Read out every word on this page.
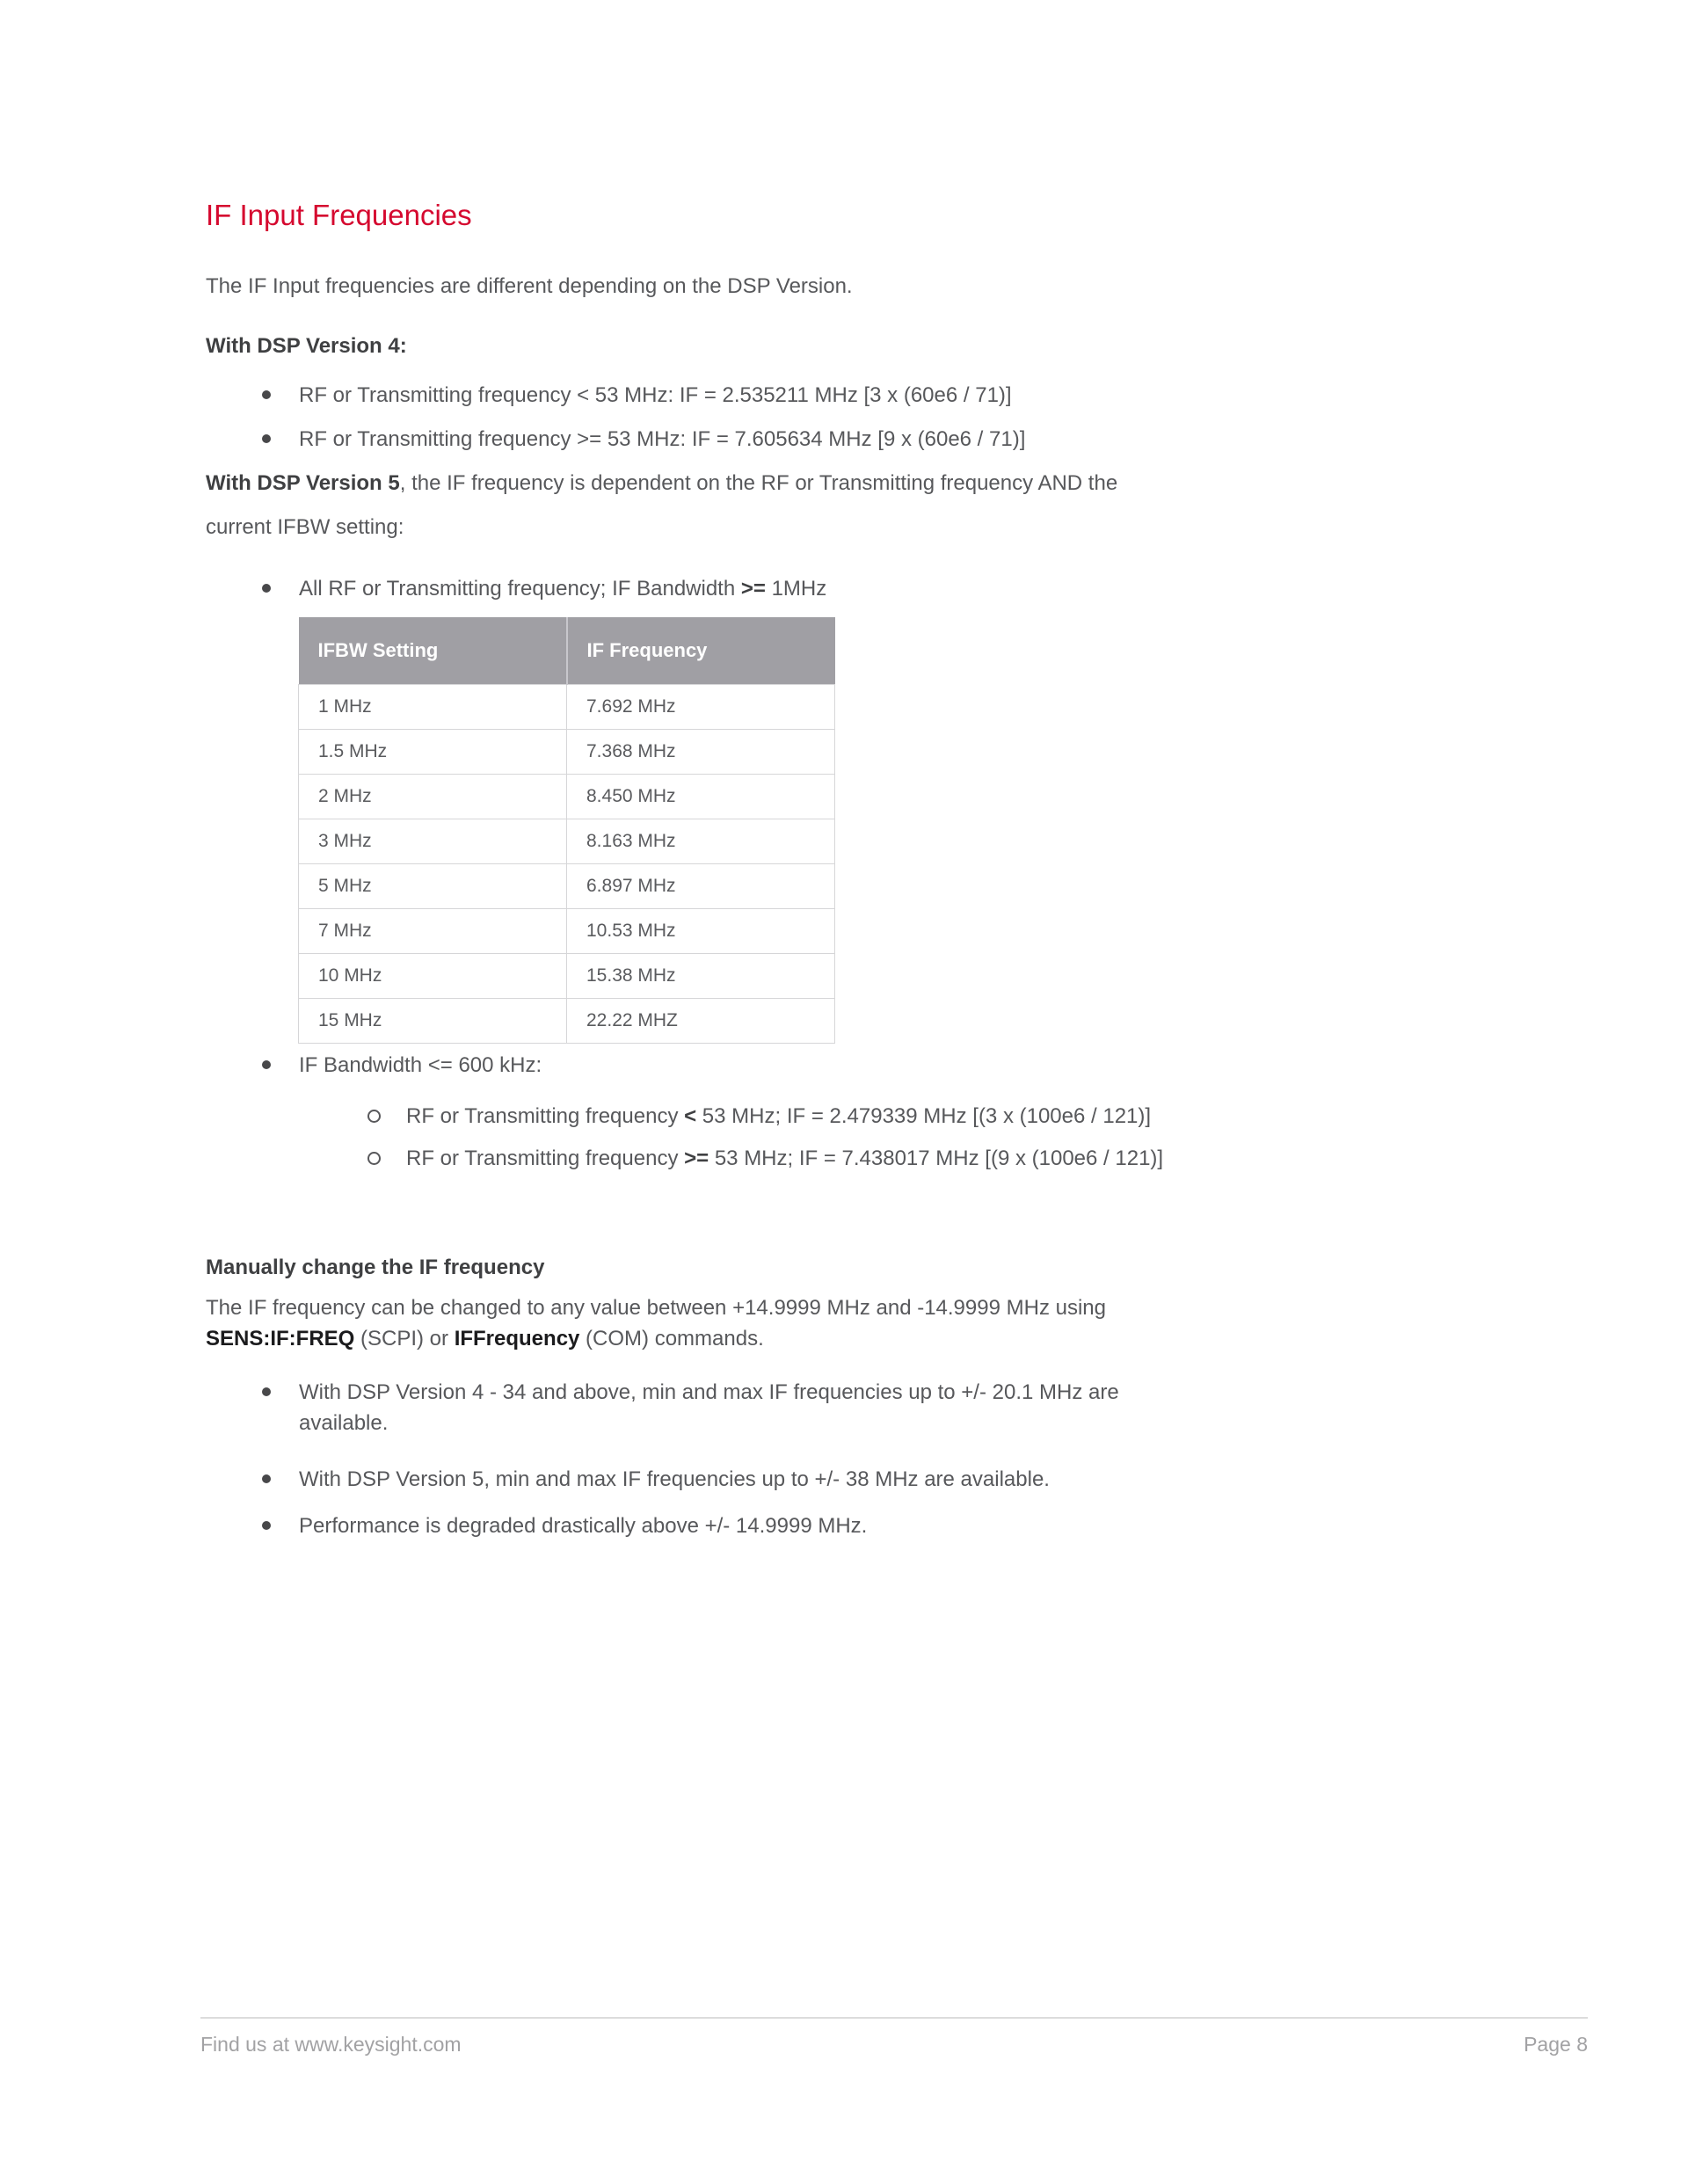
IF Input Frequencies
The IF Input frequencies are different depending on the DSP Version.
With DSP Version 4:
RF or Transmitting frequency < 53 MHz: IF = 2.535211 MHz [3 x (60e6 / 71)]
RF or Transmitting frequency >= 53 MHz: IF = 7.605634 MHz [9 x (60e6 / 71)]
With DSP Version 5, the IF frequency is dependent on the RF or Transmitting frequency AND the
current IFBW setting:
All RF or Transmitting frequency; IF Bandwidth >= 1MHz
IFBW Setting	IF Frequency
1 MHz	7.692 MHz
1.5 MHz	7.368 MHz
2 MHz	8.450 MHz
3 MHz	8.163 MHz
5 MHz	6.897 MHz
7 MHz	10.53 MHz
10 MHz	15.38 MHz
15 MHz	22.22 MHZ
IF Bandwidth <= 600 kHz:
RF or Transmitting frequency < 53 MHz; IF = 2.479339 MHz [(3 x (100e6 / 121)]
RF or Transmitting frequency >= 53 MHz; IF = 7.438017 MHz [(9 x (100e6 / 121)]
Manually change the IF frequency
The IF frequency can be changed to any value between +14.9999 MHz and -14.9999 MHz using
SENS:IF:FREQ (SCPI) or IFFrequency (COM) commands.
With DSP Version 4 - 34 and above, min and max IF frequencies up to +/- 20.1 MHz are
available.
With DSP Version 5, min and max IF frequencies up to +/- 38 MHz are available.
Performance is degraded drastically above +/- 14.9999 MHz.
Find us at www.keysight.com	Page 8
